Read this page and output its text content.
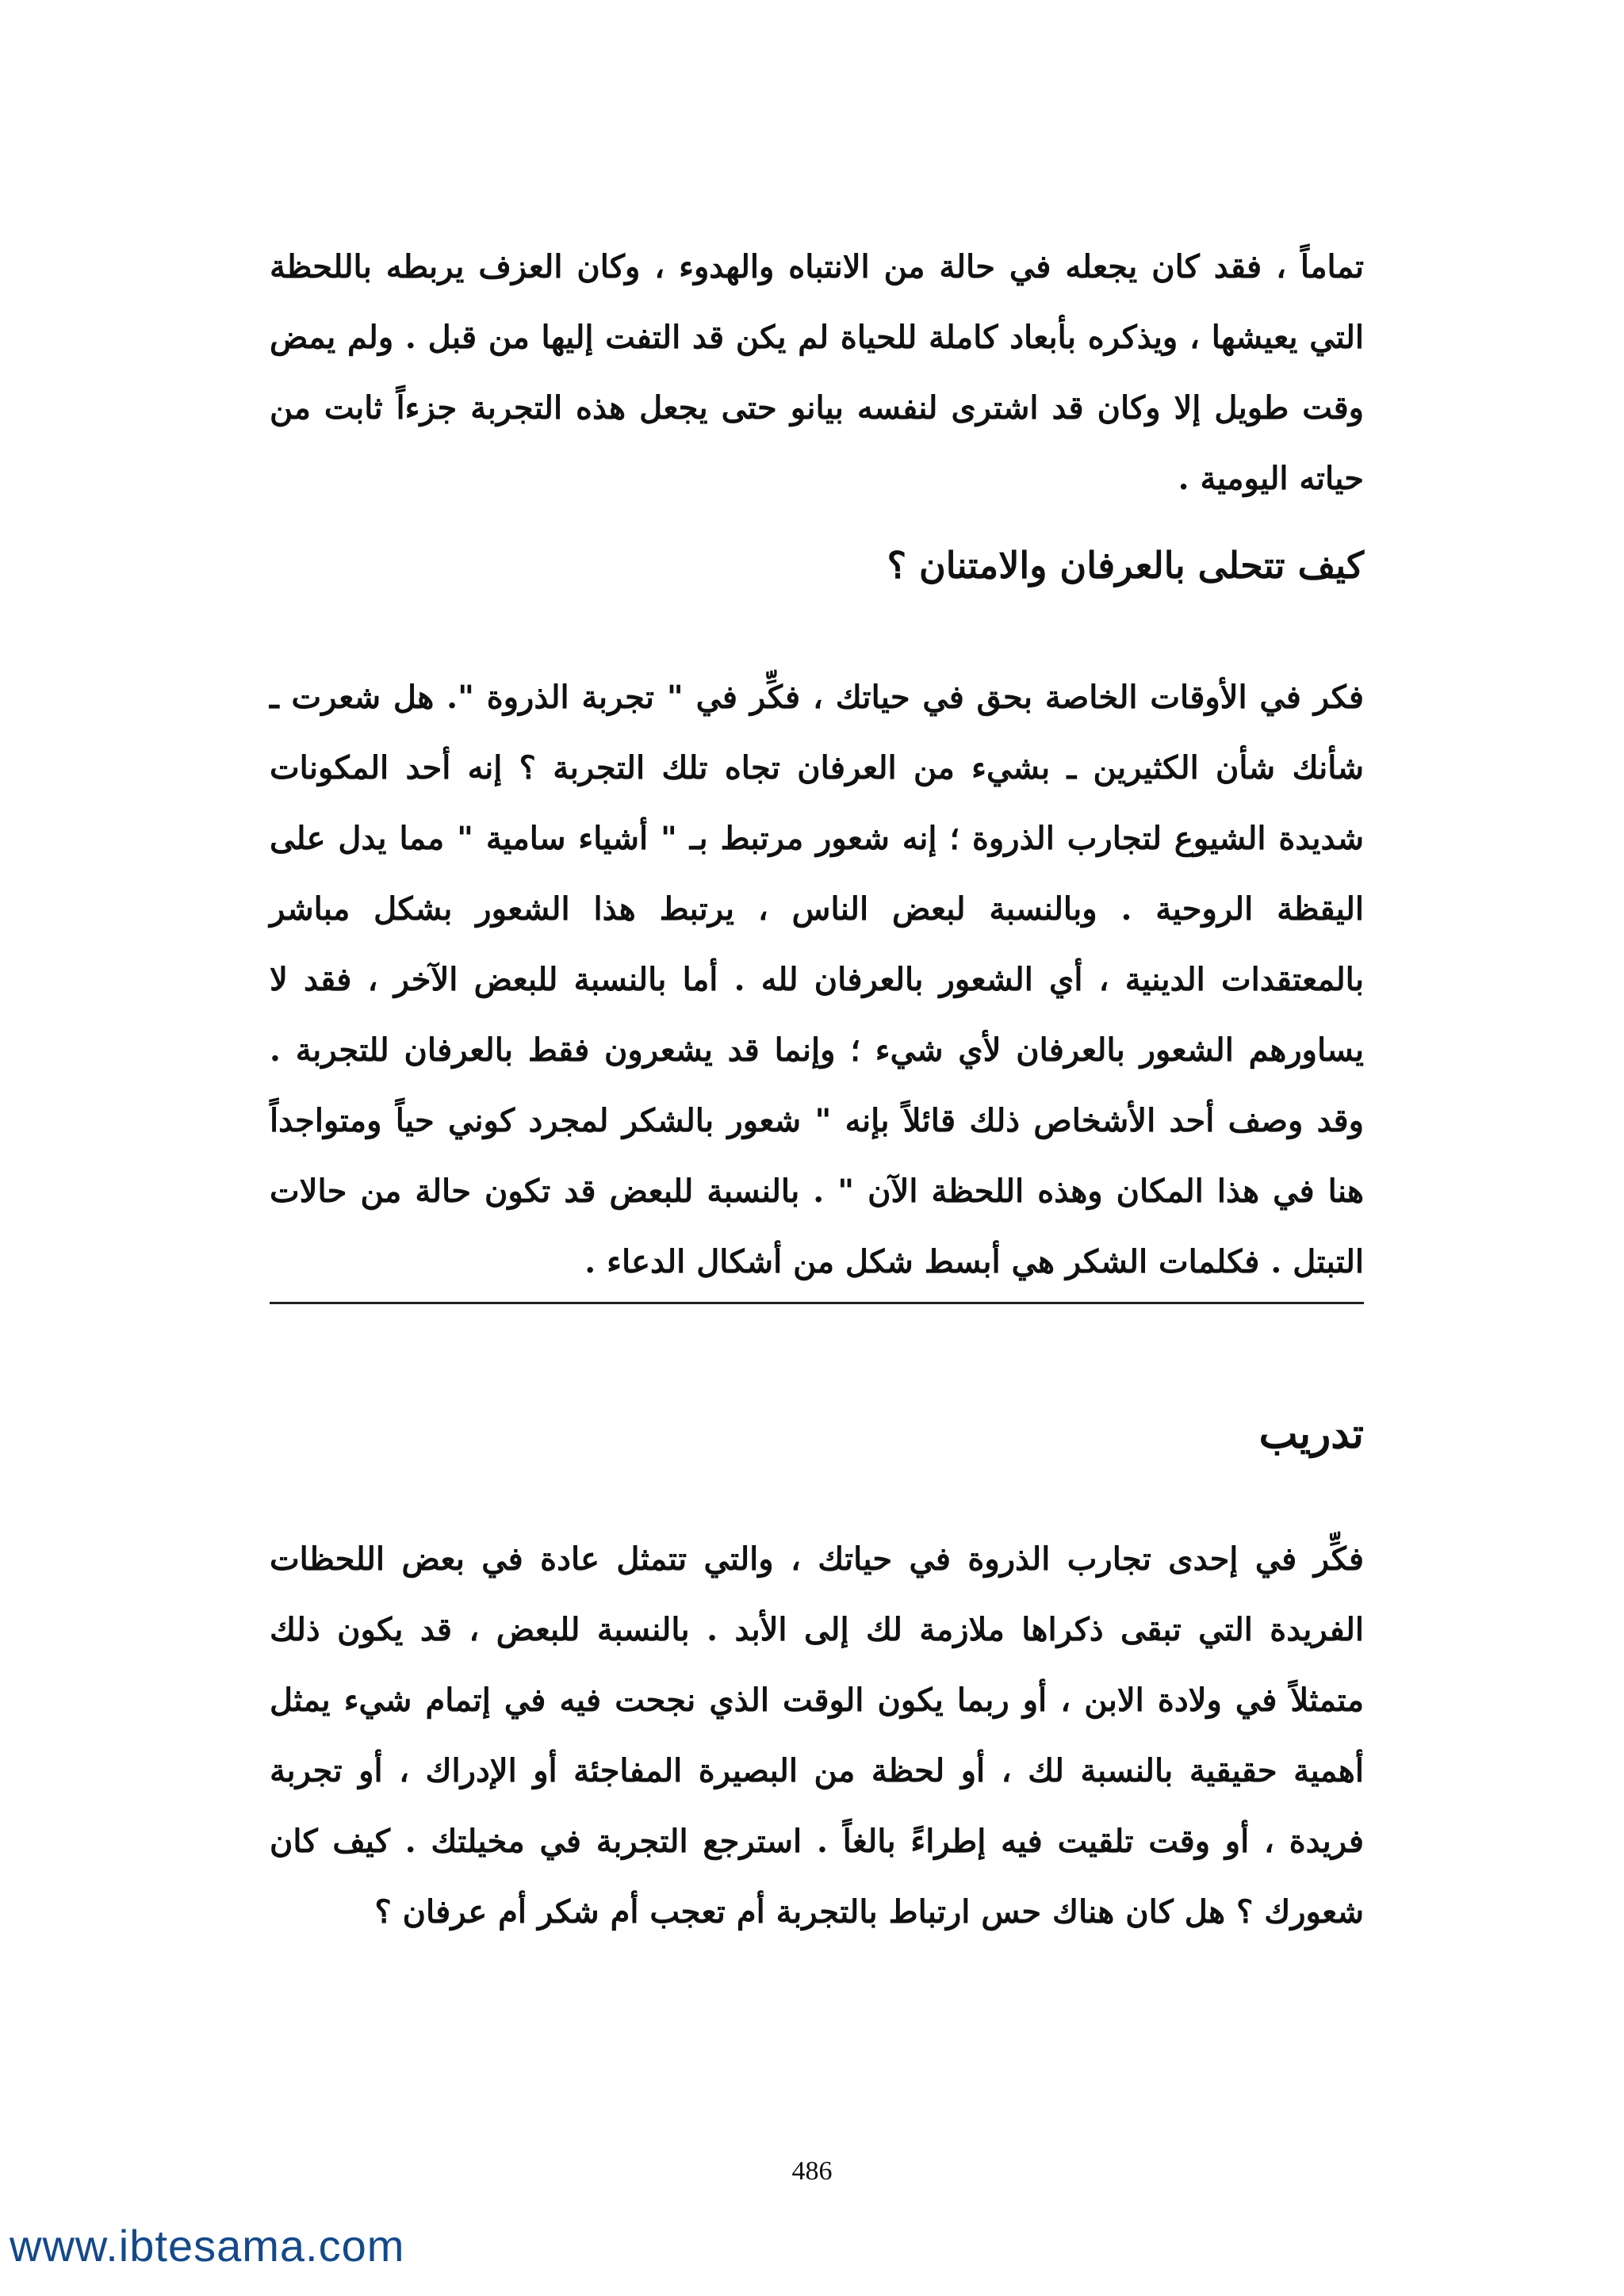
تماماً ، فقد كان يجعله في حالة من الانتباه والهدوء ، وكان العزف يربطه باللحظة التي يعيشها ، ويذكره بأبعاد كاملة للحياة لم يكن قد التفت إليها من قبل . ولم يمض وقت طويل إلا وكان قد اشترى لنفسه بيانو حتى يجعل هذه التجربة جزءاً ثابت من حياته اليومية .

كيف تتحلى بالعرفان والامتنان ؟

فكر في الأوقات الخاصة بحق في حياتك ، فكِّر في " تجربة الذروة ". هل شعرت ـ شأنك شأن الكثيرين ـ بشيء من العرفان تجاه تلك التجربة ؟ إنه أحد المكونات شديدة الشيوع لتجارب الذروة ؛ إنه شعور مرتبط بـ " أشياء سامية " مما يدل على اليقظة الروحية . وبالنسبة لبعض الناس ، يرتبط هذا الشعور بشكل مباشر بالمعتقدات الدينية ، أي الشعور بالعرفان لله . أما بالنسبة للبعض الآخر ، فقد لا يساورهم الشعور بالعرفان لأي شيء ؛ وإنما قد يشعرون فقط بالعرفان للتجربة . وقد وصف أحد الأشخاص ذلك قائلاً بإنه " شعور بالشكر لمجرد كوني حياً ومتواجداً هنا في هذا المكان وهذه اللحظة الآن " . بالنسبة للبعض قد تكون حالة من حالات التبتل . فكلمات الشكر هي أبسط شكل من أشكال الدعاء .

تدريب

فكِّر في إحدى تجارب الذروة في حياتك ، والتي تتمثل عادة في بعض اللحظات الفريدة التي تبقى ذكراها ملازمة لك إلى الأبد . بالنسبة للبعض ، قد يكون ذلك متمثلاً في ولادة الابن ، أو ربما يكون الوقت الذي نجحت فيه في إتمام شيء يمثل أهمية حقيقية بالنسبة لك ، أو لحظة من البصيرة المفاجئة أو الإدراك ، أو تجربة فريدة ، أو وقت تلقيت فيه إطراءً بالغاً . استرجع التجربة في مخيلتك . كيف كان شعورك ؟ هل كان هناك حس ارتباط بالتجربة أم تعجب أم شكر أم عرفان ؟

486
www.ibtesama.com
